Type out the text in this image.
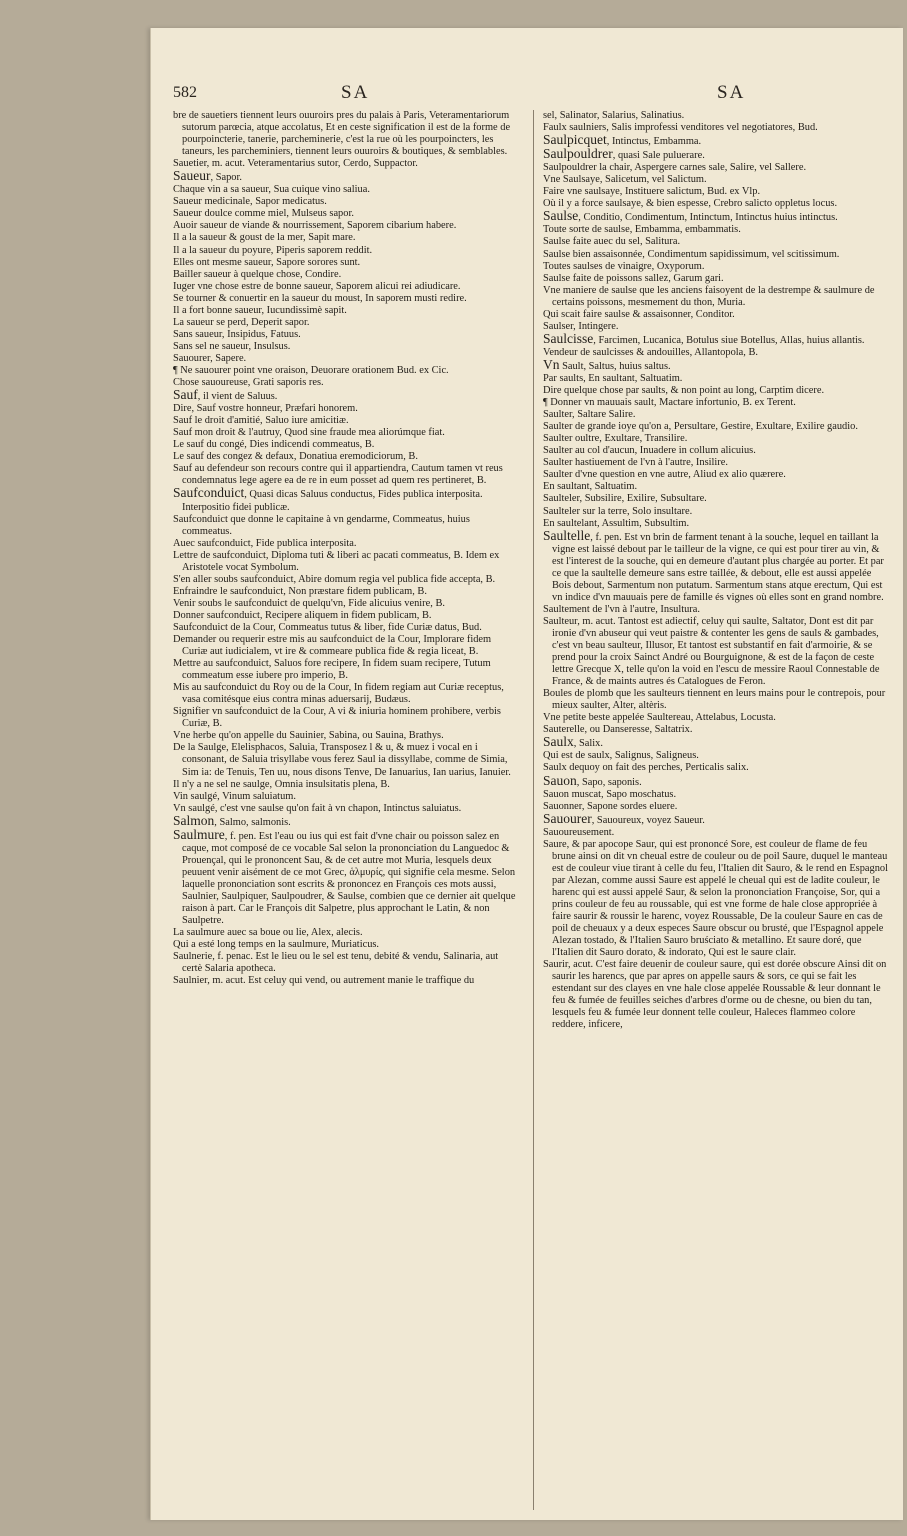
582	SA	SA

bre de sauetiers tiennent leurs ouuroirs pres du palais à Paris, Veteramentariorum sutorum parœcia, atque accolatus, Et en ceste signification il est de la forme de pourpoincterie, tanerie, parcheminerie, c'est la rue où les pourpoincters, les taneurs, les parcheminiers, tiennent leurs ouuroirs & boutiques, & semblables.

Sauetier, m. acut. Veteramentarius sutor, Cerdo, Suppactor.

Saueur, Sapor.

Chaque vin a sa saueur, Sua cuique vino saliua.

Saueur medicinale, Sapor medicatus.

Saueur doulce comme miel, Mulseus sapor.

Auoir saueur de viande & nourrissement, Saporem cibarium habere.

Il a la saueur & goust de la mer, Sapit mare.

Il a la saueur du poyure, Piperis saporem reddit.

Elles ont mesme saueur, Sapore sorores sunt.

Bailler saueur à quelque chose, Condire.

Iuger vne chose estre de bonne saueur, Saporem alicui rei adiudicare.

Se tourner & conuertir en la saueur du moust, In saporem musti redire.

Il a fort bonne saueur, Iucundissimè sapit.

La saueur se perd, Deperit sapor.

Sans saueur, Insipidus, Fatuus.

Sans sel ne saueur, Insulsus.

Sauourer, Sapere.

¶ Ne sauourer point vne oraison, Deuorare orationem Bud. ex Cic.

Chose sauoureuse, Grati saporis res.

Sauf, il vient de Saluus.

Dire, Sauf vostre honneur, Præfari honorem.

Sauf le droit d'amitié, Saluo iure amicitiæ.

Sauf mon droit & l'autruy, Quod sine fraude mea aliorúmque fiat.

Le sauf du congé, Dies indicendi commeatus, B.

Le sauf des congez & defaux, Donatiua eremodiciorum, B.

Sauf au defendeur son recours contre qui il appartiendra, Cautum tamen vt reus condemnatus lege agere ea de re in eum posset ad quem res pertineret, B.

Saufconduict, Quasi dicas Saluus conductus, Fides publica interposita. Interpositio fidei publicæ.

Saufconduict que donne le capitaine à vn gendarme, Commeatus, huius commeatus.

Auec saufconduict, Fide publica interposita.

Lettre de saufconduict, Diploma tuti & liberi ac pacati commeatus, B. Idem ex Aristotele vocat Symbolum.

S'en aller soubs saufconduict, Abire domum regia vel publica fide accepta, B.

Enfraindre le saufconduict, Non præstare fidem publicam, B.

Venir soubs le saufconduict de quelqu'vn, Fide alicuius venire, B.

Donner saufconduict, Recipere aliquem in fidem publicam, B.

Saufconduict de la Cour, Commeatus tutus & liber, fide Curiæ datus, Bud.

Demander ou requerir estre mis au saufconduict de la Cour, Implorare fidem Curiæ aut iudicialem, vt ire & commeare publica fide & regia liceat, B.

Mettre au saufconduict, Saluos fore recipere, In fidem suam recipere, Tutum commeatum esse iubere pro imperio, B.

Mis au saufconduict du Roy ou de la Cour, In fidem regiam aut Curiæ receptus, vasa comitésque eius contra minas aduersarij, Budæus.

Signifier vn saufconduict de la Cour, A vi & iniuria hominem prohibere, verbis Curiæ, B.

Vne herbe qu'on appelle du Sauinier, Sabina, ou Sauina, Brathys.

De la Saulge, Elelisphacos, Saluia, Transposez l & u, & muez i vocal en i consonant, de Saluia trisyllabe vous ferez Saul ia dissyllabe, comme de Simia, Sim ia: de Tenuis, Ten uu, nous disons Tenve, De Ianuarius, Ian uarius, Ianuier.

Il n'y a ne sel ne saulge, Omnia insulsitatis plena, B.

Vin saulgé, Vinum saluiatum.

Vn saulgé, c'est vne saulse qu'on fait à vn chapon, Intinctus saluiatus.

Salmon, Salmo, salmonis.

Saulmure, f. pen. Est l'eau ou ius qui est fait d'vne chair ou poisson salez en caque, mot composé de ce vocable Sal selon la prononciation du Languedoc & Prouençal, qui le prononcent Sau, & de cet autre mot Muria, lesquels deux peuuent venir aisément de ce mot Grec, ἁλμυρίς, qui signifie cela mesme. Selon laquelle prononciation sont escrits & prononcez en François ces mots aussi, Saulnier, Saulpiquer, Saulpoudrer, & Saulse, combien que ce dernier ait quelque raison à part. Car le François dit Salpetre, plus approchant le Latin, & non Saulpetre.

La saulmure auec sa boue ou lie, Alex, alecis.

Qui a esté long temps en la saulmure, Muriaticus.

Saulnerie, f. penac. Est le lieu ou le sel est tenu, debité & vendu, Salinaria, aut certè Salaria apotheca.

Saulnier, m. acut. Est celuy qui vend, ou autrement manie le traffique du

sel, Salinator, Salarius, Salinatius.

Faulx saulniers, Salis improfessi venditores vel negotiatores, Bud.

Saulpicquet, Intinctus, Embamma.

Saulpouldrer, quasi Sale puluerare.

Saulpouldrer la chair, Aspergere carnes sale, Salire, vel Sallere.

Vne Saulsaye, Salicetum, vel Salictum.

Faire vne saulsaye, Instituere salictum, Bud. ex Vlp.

Où il y a force saulsaye, & bien espesse, Crebro salicto oppletus locus.

Saulse, Conditio, Condimentum, Intinctum, Intinctus huius intinctus.

Toute sorte de saulse, Embamma, embammatis.

Saulse faite auec du sel, Salitura.

Saulse bien assaisonnée, Condimentum sapidissimum, vel scitissimum.

Toutes saulses de vinaigre, Oxyporum.

Saulse faite de poissons sallez, Garum gari.

Vne maniere de saulse que les anciens faisoyent de la destrempe & saulmure de certains poissons, mesmement du thon, Muria.

Qui scait faire saulse & assaisonner, Conditor.

Saulser, Intingere.

Saulcisse, Farcimen, Lucanica, Botulus siue Botellus, Allas, huius allantis.

Vendeur de saulcisses & andouilles, Allantopola, B.

Vn Sault, Saltus, huius saltus.

Par saults, En saultant, Saltuatim.

Dire quelque chose par saults, & non point au long, Carptim dicere.

¶ Donner vn mauuais sault, Mactare infortunio, B. ex Terent.

Saulter, Saltare Salire.

Saulter de grande ioye qu'on a, Persultare, Gestire, Exultare, Exilire gaudio.

Saulter oultre, Exultare, Transilire.

Saulter au col d'aucun, Inuadere in collum alicuius.

Saulter hastiuement de l'vn à l'autre, Insilire.

Saulter d'vne question en vne autre, Aliud ex alio quærere.

En saultant, Saltuatim.

Saulteler, Subsilire, Exilire, Subsultare.

Saulteler sur la terre, Solo insultare.

En saultelant, Assultim, Subsultim.

Saultelle, f. pen. Est vn brin de farment tenant à la souche, lequel en taillant la vigne est laissé debout par le tailleur de la vigne, ce qui est pour tirer au vin, & est l'interest de la souche, qui en demeure d'autant plus chargée au porter. Et par ce que la saultelle demeure sans estre taillée, & debout, elle est aussi appelée Bois debout, Sarmentum non putatum. Sarmentum stans atque erectum, Qui est vn indice d'vn mauuais pere de famille és vignes où elles sont en grand nombre.

Saultement de l'vn à l'autre, Insultura.

Saulteur, m. acut. Tantost est adiectif, celuy qui saulte, Saltator, Dont est dit par ironie d'vn abuseur qui veut paistre & contenter les gens de sauls & gambades, c'est vn beau saulteur, Illusor, Et tantost est substantif en fait d'armoirie, & se prend pour la croix Sainct André ou Bourguignone, & est de la façon de ceste lettre Grecque X, telle qu'on la void en l'escu de messire Raoul Connestable de France, & de maints autres és Catalogues de Feron.

Boules de plomb que les saulteurs tiennent en leurs mains pour le contrepois, pour mieux saulter, Alter, altèris.

Vne petite beste appelée Saulterеau, Attelabus, Locusta.

Sauterelle, ou Danseresse, Saltatrix.

Saulx, Salix.

Qui est de saulx, Salignus, Saligneus.

Saulx dequoy on fait des perches, Perticalis salix.

Sauon, Sapo, saponis.

Sauon muscat, Sapo moschatus.

Sauonner, Sapone sordes eluere.

Sauourer, Sauoureux, voyez Saueur.

Sauoureusement.

Saure, & par apocope Saur, qui est prononcé Sore, est couleur de flame de feu brune ainsi on dit vn cheual estre de couleur ou de poil Saure, duquel le manteau est de couleur viue tirant à celle du feu, l'Italien dit Sauro, & le rend en Espagnol par Alezan, comme aussi Saure est appelé le cheual qui est de ladite couleur, le harenc qui est aussi appelé Saur, & selon la prononciation Françoise, Sor, qui a prins couleur de feu au roussable, qui est vne forme de hale close appropriée à faire saurir & roussir le harenc, voyez Roussable, De la couleur Saure en cas de poil de cheuaux y a deux especes Saure obscur ou brusté, que l'Espagnol appele Alezan tostado, & l'Italien Sauro bruściato & metallino. Et saure doré, que l'Italien dit Sauro dorato, & indorato, Qui est le saure clair.

Saurir, acut. C'est faire deuenir de couleur saure, qui est dorée obscure Ainsi dit on saurir les harencs, que par apres on appelle saurs & sors, ce qui se fait les estendant sur des clayes en vne hale close appelée Roussable & leur donnant le feu & fumée de feuilles seiches d'arbres d'orme ou de chesne, ou bien du tan, lesquels feu & fumée leur donnent telle couleur, Haleces flammeo colore reddere, inficere,
